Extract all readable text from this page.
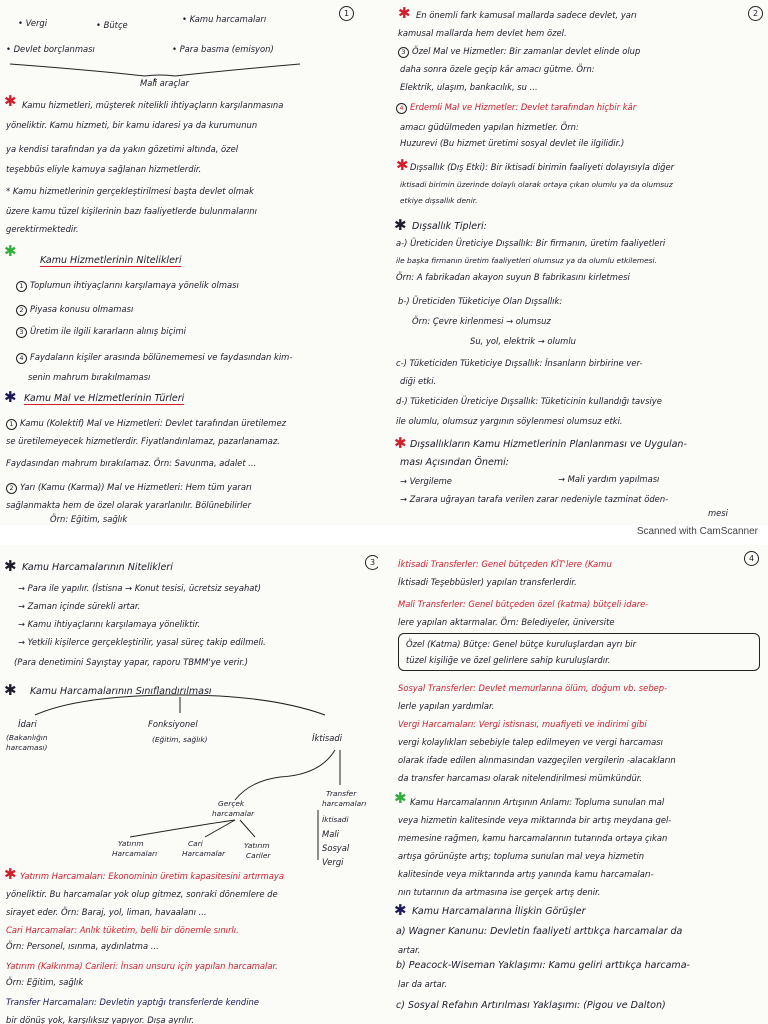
1
• Vergi	• Bütçe
• Kamu harcamaları
• Devlet borçlanması	• Para basma (emisyon)
Mali araçlar
✱ Kamu hizmetleri, müşterek nitelikli ihtiyaçların karşılanmasına
yöneliktir. Kamu hizmeti, bir kamu idaresi ya da kurumunun
ya kendisi tarafından ya da yakın gözetimi altında, özel
teşebbüs eliyle kamuya sağlanan hizmetlerdir.
* Kamu hizmetlerinin gerçekleştirilmesi başta devlet olmak
üzere kamu tüzel kişilerinin bazı faaliyetlerde bulunmalarını
gerektirmektedir.
✱
Kamu Hizmetlerinin Nitelikleri
1 Toplumun ihtiyaçlarını karşılamaya yönelik olması
2 Piyasa konusu olmaması
3 Üretim ile ilgili kararların alınış biçimi
4 Faydaların kişiler arasında bölünememesi ve faydasından kim-
senin mahrum bırakılmaması
✱ Kamu Mal ve Hizmetlerinin Türleri
1 Kamu (Kolektif) Mal ve Hizmetleri: Devlet tarafından üretilemez
se üretilemeyecek hizmetlerdir. Fiyatlandırılamaz, pazarlanamaz.
Faydasından mahrum bırakılamaz. Örn: Savunma, adalet ...
2 Yarı (Kamu (Karma)) Mal ve Hizmetleri: Hem tüm yararı
sağlanmakta hem de özel olarak yararlanılır. Bölünebilirler
Örn: Eğitim, sağlık
2
✱ En önemli fark kamusal mallarda sadece devlet, yarı
kamusal mallarda hem devlet hem özel.
3 Özel Mal ve Hizmetler: Bir zamanlar devlet elinde olup
daha sonra özele geçip kâr amacı gütme. Örn:
Elektrik, ulaşım, bankacılık, su ...
4 Erdemli Mal ve Hizmetler: Devlet tarafından hiçbir kâr
amacı güdülmeden yapılan hizmetler. Örn:
Huzurevi (Bu hizmet üretimi sosyal devlet ile ilgilidir.)
✱ Dışsallık (Dış Etki): Bir iktisadi birimin faaliyeti dolayısıyla diğer
iktisadi birimin üzerinde dolaylı olarak ortaya çıkan olumlu ya da olumsuz
etkiye dışsallık denir.
✱ Dışsallık Tipleri:
a-) Üreticiden Üreticiye Dışsallık: Bir firmanın, üretim faaliyetleri
ile başka firmanın üretim faaliyetleri olumsuz ya da olumlu etkilemesi.
Örn: A fabrikadan akayon suyun B fabrikasını kirletmesi
b-) Üreticiden Tüketiciye Olan Dışsallık:
Örn: Çevre kirlenmesi → olumsuz
Su, yol, elektrik → olumlu
c-) Tüketiciden Tüketiciye Dışsallık: İnsanların birbirine ver-
diği etki.
d-) Tüketiciden Üreticiye Dışsallık: Tüketicinin kullandığı tavsiye
ile olumlu, olumsuz yargının söylenmesi olumsuz etki.
✱ Dışsallıkların Kamu Hizmetlerinin Planlanması ve Uygulan-
ması Açısından Önemi:
→ Vergileme	→ Mali yardım yapılması
→ Zarara uğrayan tarafa verilen zarar nedeniyle tazminat öden-
mesi
Scanned with CamScanner
3
✱ Kamu Harcamalarının Nitelikleri
→ Para ile yapılır. (İstisna → Konut tesisi, ücretsiz seyahat)
→ Zaman içinde sürekli artar.
→ Kamu ihtiyaçlarını karşılamaya yöneliktir.
→ Yetkili kişilerce gerçekleştirilir, yasal süreç takip edilmeli.
(Para denetimini Sayıştay yapar, raporu TBMM'ye verir.)
✱ Kamu Harcamalarının Sınıflandırılması
İdari
(Bakanlığın
harcaması)
Fonksiyonel
(Eğitim, sağlık)	İktisadi
Gerçek
harcamalar
Transfer
harcamaları
İktisadi
Mali
Sosyal
Vergi
Yatırım
Harcamaları
Cari
Harcamalar
Yatırım
Cariler
✱ Yatırım Harcamaları: Ekonominin üretim kapasitesini artırmaya
yöneliktir. Bu harcamalar yok olup gitmez, sonraki dönemlere de
sirayet eder. Örn: Baraj, yol, liman, havaalanı ...
Cari Harcamalar: Anlık tüketim, belli bir dönemle sınırlı.
Örn: Personel, ısınma, aydınlatma ...
Yatırım (Kalkınma) Carileri: İnsan unsuru için yapılan harcamalar.
Örn: Eğitim, sağlık
Transfer Harcamaları: Devletin yaptığı transferlerde kendine
bir dönüş yok, karşılıksız yapıyor. Dışa ayrılır.
4
İktisadi Transferler: Genel bütçeden KİT'lere (Kamu
İktisadi Teşebbüsler) yapılan transferlerdir.
Mali Transferler: Genel bütçeden özel (katma) bütçeli idare-
lere yapılan aktarmalar. Örn: Belediyeler, üniversite
Özel (Katma) Bütçe: Genel bütçe kuruluşlardan ayrı bir
tüzel kişiliğe ve özel gelirlere sahip kuruluşlardır.
Sosyal Transferler: Devlet memurlarına ölüm, doğum vb. sebep-
lerle yapılan yardımlar.
Vergi Harcamaları: Vergi istisnası, muafiyeti ve indirimi gibi
vergi kolaylıkları sebebiyle talep edilmeyen ve vergi harcaması
olarak ifade edilen alınmasından vazgeçilen vergilerin -alacakların
da transfer harcaması olarak nitelendirilmesi mümkündür.
✱ Kamu Harcamalarının Artışının Anlamı: Topluma sunulan mal
veya hizmetin kalitesinde veya miktarında bir artış meydana gel-
memesine rağmen, kamu harcamalarının tutarında ortaya çıkan
artışa görünüşte artış; topluma sunulan mal veya hizmetin
kalitesinde veya miktarında artış yanında kamu harcamaları-
nın tutarının da artmasına ise gerçek artış denir.
✱ Kamu Harcamalarına İlişkin Görüşler
a) Wagner Kanunu: Devletin faaliyeti arttıkça harcamalar da
artar.
b) Peacock-Wiseman Yaklaşımı: Kamu geliri arttıkça harcama-
lar da artar.
c) Sosyal Refahın Artırılması Yaklaşımı: (Pigou ve Dalton)
